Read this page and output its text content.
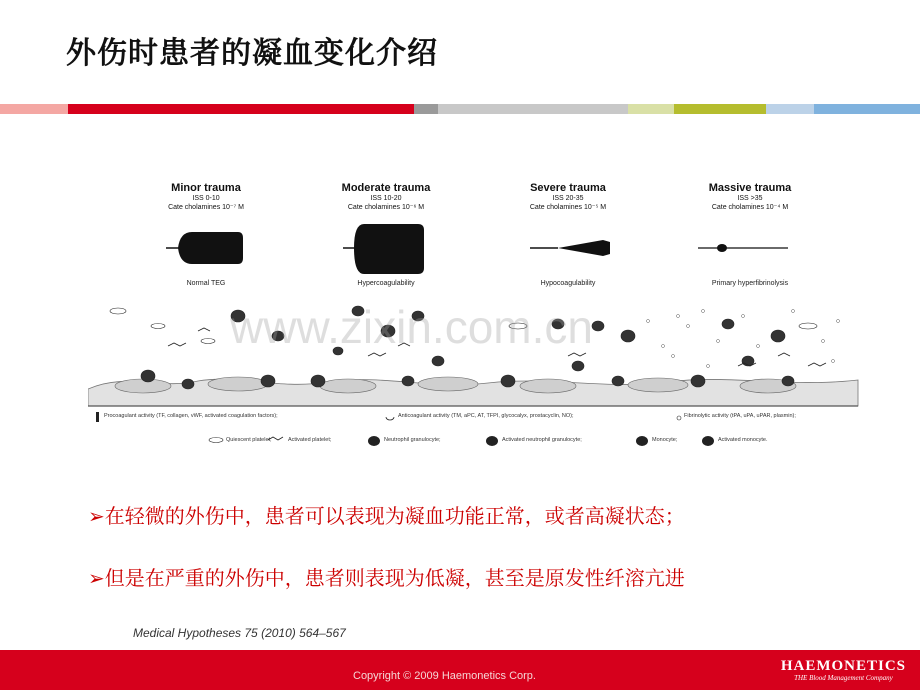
外伤时患者的凝血变化介绍
Minor trauma
ISS 0-10
Cate cholamines 10⁻⁷ M
Moderate trauma
ISS 10-20
Cate cholamines 10⁻⁶ M
Severe trauma
ISS 20-35
Cate cholamines 10⁻⁵ M
Massive trauma
ISS >35
Cate cholamines 10⁻⁴ M
Normal TEG	Hypercoagulability	Hypocoagulability	Primary hyperfibrinolysis
Procoagulant activity (TF, collagen, vWF, activated coagulation factors);	Anticoagulant activity (TM, aPC, AT, TFPI, glycocalyx, prostacyclin, NO);	Fibrinolytic activity (tPA, uPA, uPAR, plasmin);
Quiescent platelet;	Activated platelet;	Neutrophil granulocyte;	Activated neutrophil granulocyte;	Monocyte;	Activated monocyte.
www.zixin.com.cn
➢在轻微的外伤中，患者可以表现为凝血功能正常，或者高凝状态；
➢但是在严重的外伤中，患者则表现为低凝，甚至是原发性纤溶亢进
Medical Hypotheses 75 (2010) 564–567
Copyright © 2009 Haemonetics Corp.
HAEMONETICS
THE Blood Management Company
